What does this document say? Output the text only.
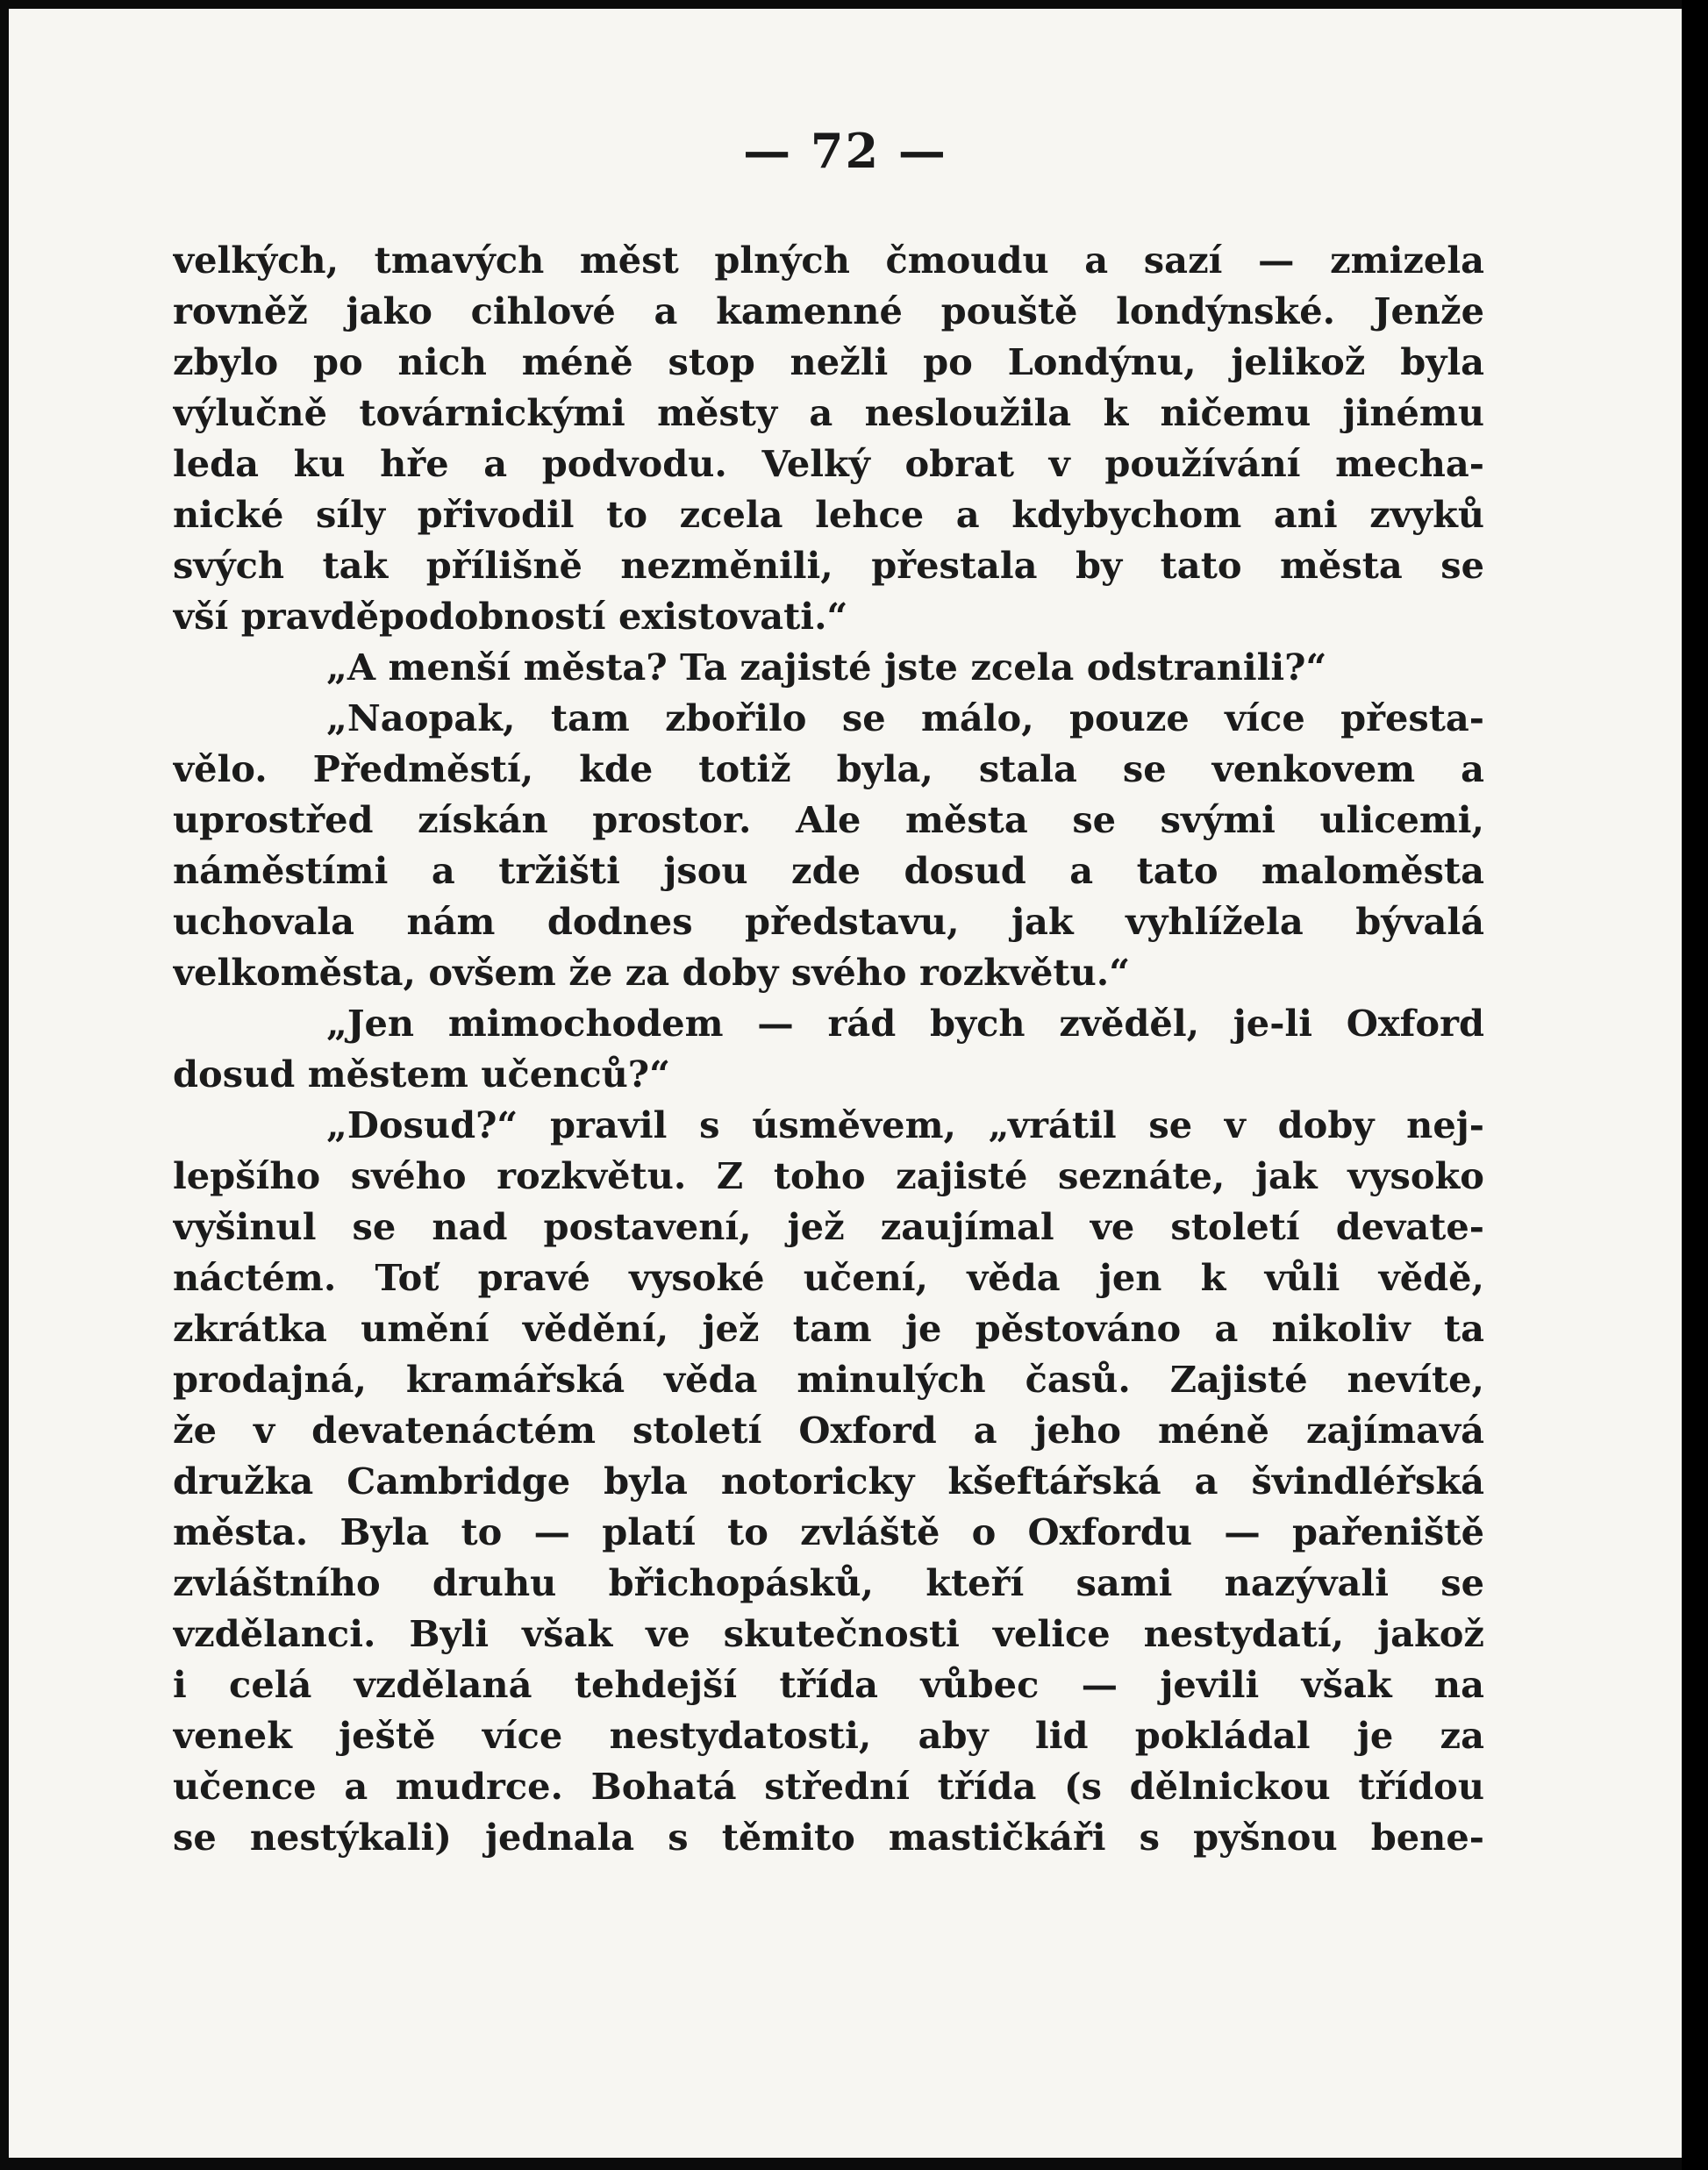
— 72 —
velkých, tmavých měst plných čmoudu a sazí — zmizela
rovněž jako cihlové a kamenné pouště londýnské. Jenže
zbylo po nich méně stop nežli po Londýnu, jelikož byla
výlučně továrnickými městy a nesloužila k ničemu jinému
leda ku hře a podvodu. Velký obrat v používání mecha-
nické síly přivodil to zcela lehce a kdybychom ani zvyků
svých tak přílišně nezměnili, přestala by tato města se
vší pravděpodobností existovati.“
„A menší města? Ta zajisté jste zcela odstranili?“
„Naopak, tam zbořilo se málo, pouze více přesta-
vělo. Předměstí, kde totiž byla, stala se venkovem a
uprostřed získán prostor. Ale města se svými ulicemi,
náměstími a tržišti jsou zde dosud a tato maloměsta
uchovala nám dodnes představu, jak vyhlížela bývalá
velkoměsta, ovšem že za doby svého rozkvětu.“
„Jen mimochodem — rád bych zvěděl, je-li Oxford
dosud městem učenců?“
„Dosud?“ pravil s úsměvem, „vrátil se v doby nej-
lepšího svého rozkvětu. Z toho zajisté seznáte, jak vysoko
vyšinul se nad postavení, jež zaujímal ve století devate-
náctém. Toť pravé vysoké učení, věda jen k vůli vědě,
zkrátka umění vědění, jež tam je pěstováno a nikoliv ta
prodajná, kramářská věda minulých časů. Zajisté nevíte,
že v devatenáctém století Oxford a jeho méně zajímavá
družka Cambridge byla notoricky kšeftářská a švindléřská
města. Byla to — platí to zvláště o Oxfordu — pařeniště
zvláštního druhu břichopásků, kteří sami nazývali se
vzdělanci. Byli však ve skutečnosti velice nestydatí, jakož
i celá vzdělaná tehdejší třída vůbec — jevili však na
venek ještě více nestydatosti, aby lid pokládal je za
učence a mudrce. Bohatá střední třída (s dělnickou třídou
se nestýkali) jednala s těmito mastičkáři s pyšnou bene-
